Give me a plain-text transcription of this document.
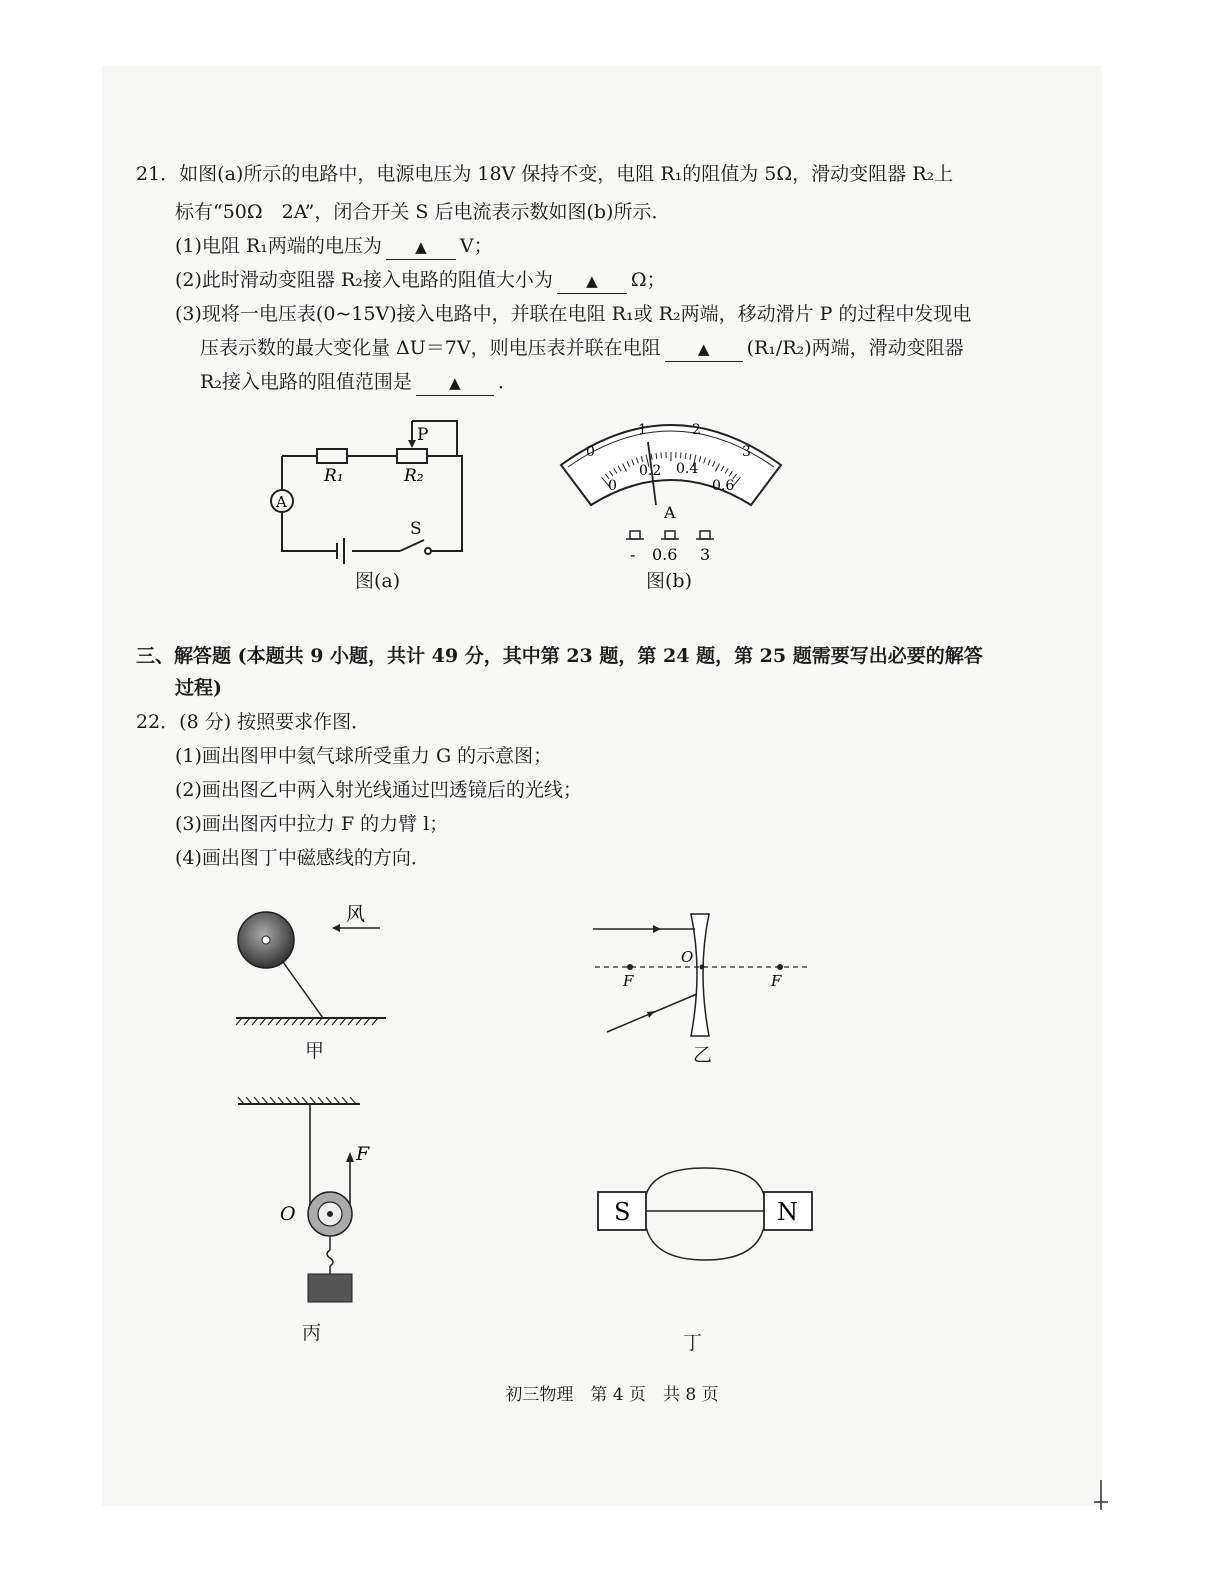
21．如图(a)所示的电路中，电源电压为 18V 保持不变，电阻 R₁的阻值为 5Ω，滑动变阻器 R₂上
标有“50Ω　2A”，闭合开关 S 后电流表示数如图(b)所示．
(1)电阻 R₁两端的电压为 ▲ V；
(2)此时滑动变阻器 R₂接入电路的阻值大小为 ▲ Ω；
(3)现将一电压表(0~15V)接入电路中，并联在电阻 R₁或 R₂两端，移动滑片 P 的过程中发现电
压表示数的最大变化量 ΔU＝7V，则电压表并联在电阻 ▲ (R₁/R₂)两端，滑动变阻器
R₂接入电路的阻值范围是 ▲ ．
P
R₁	R₂
A
S
图(a)
0
1	2
3
0
0.2 0.4
0.6
A
- 0.6 3
图(b)
三、解答题 (本题共 9 小题，共计 49 分，其中第 23 题，第 24 题，第 25 题需要写出必要的解答
过程)
22．(8 分) 按照要求作图．
(1)画出图甲中氦气球所受重力 G 的示意图；
(2)画出图乙中两入射光线通过凹透镜后的光线；
(3)画出图丙中拉力 F 的力臂 l；
(4)画出图丁中磁感线的方向．
风
甲
F	F
O
乙
F
O
丙
S	N
丁
初三物理　第 4 页　共 8 页
